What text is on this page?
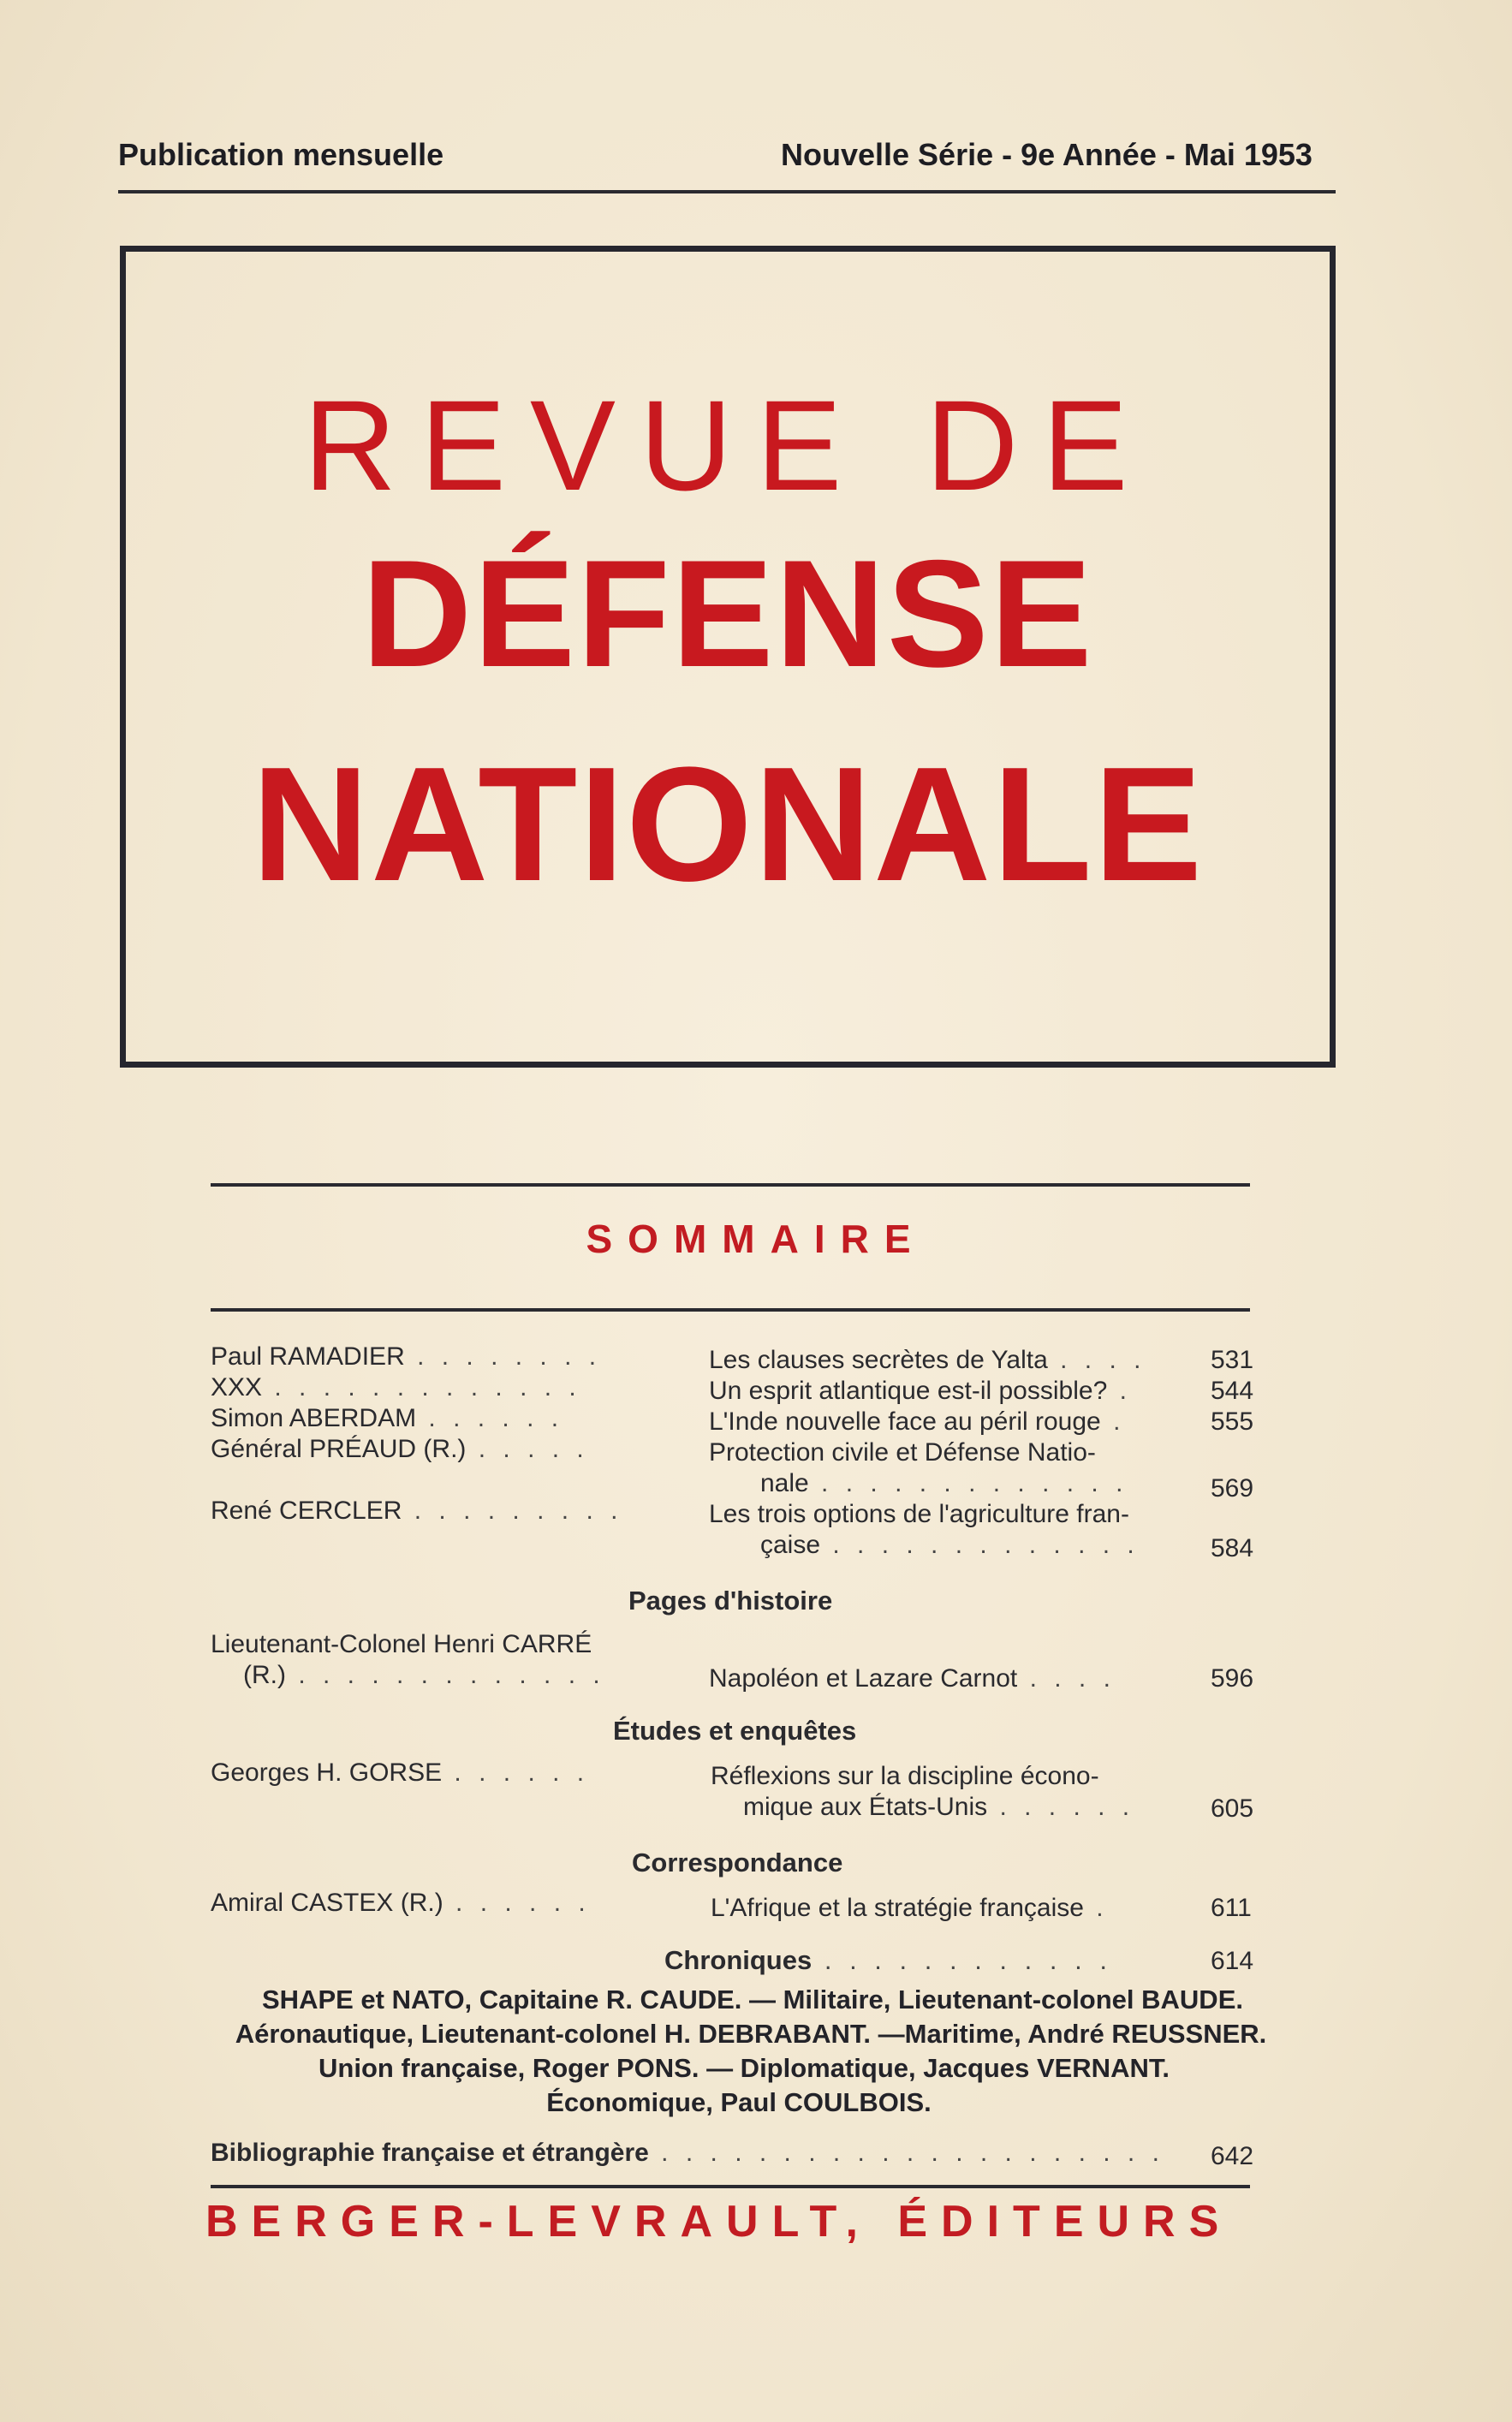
Publication mensuelle	Nouvelle Série - 9e Année - Mai 1953
REVUE DE
DÉFENSE
NATIONALE
SOMMAIRE
Paul RAMADIER . . . . . . . .	Les clauses secrètes de Yalta . . . .	531
XXX . . . . . . . . . . . . .	Un esprit atlantique est-il possible? .	544
Simon ABERDAM . . . . . .	L'Inde nouvelle face au péril rouge .	555
Général PRÉAUD (R.) . . . . .	Protection civile et Défense Natio-
nale . . . . . . . . . . . . .	569
René CERCLER . . . . . . . . .	Les trois options de l'agriculture fran-
çaise . . . . . . . . . . . . .	584
Pages d'histoire
Lieutenant-Colonel Henri CARRÉ
(R.) . . . . . . . . . . . . .	Napoléon et Lazare Carnot . . . .	596
Études et enquêtes
Georges H. GORSE . . . . . .	Réflexions sur la discipline écono-
mique aux États-Unis . . . . . .	605
Correspondance
Amiral CASTEX (R.) . . . . . .	L'Afrique et la stratégie française .	611
Chroniques . . . . . . . . . . . .	614
SHAPE et NATO, Capitaine R. CAUDE. — Militaire, Lieutenant-colonel BAUDE.
Aéronautique, Lieutenant-colonel H. DEBRABANT. —Maritime, André REUSSNER.
Union française, Roger PONS. — Diplomatique, Jacques VERNANT.
Économique, Paul COULBOIS.
Bibliographie française et étrangère . . . . . . . . . . . . . . . . . . . . . 642
BERGER-LEVRAULT, ÉDITEURS
